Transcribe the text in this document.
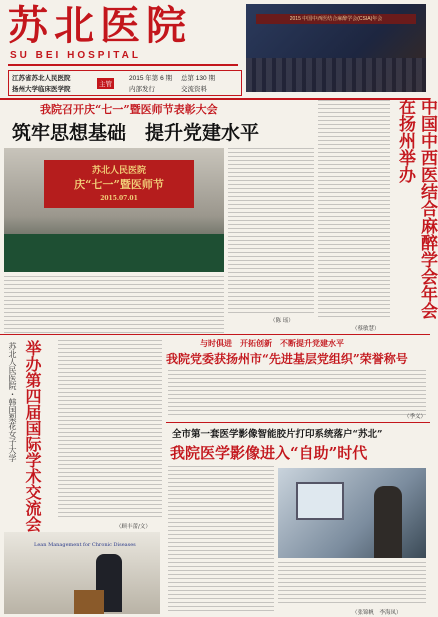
苏北医院
SU BEI HOSPITAL
江苏省苏北人民医院
扬州大学临床医学院
主管
2015 年第 6 期 总第 130 期
内部发行	交流资料
2015 中国中西医结合麻醉学会(CSIA)年会
我院召开庆“七一”暨医师节表彰大会
筑牢思想基础　提升党建水平
苏北人民医院
庆“七一”暨医师节
2015.07.01
（陈 瑶）
中国中西医结合麻醉学会年会在扬州举办
（蔡敏慧）
举办第四届国际学术交流会
苏北人民医院・韩国梨花女子大学
（顾丰蕾/文）
Lean Management for Chronic Diseases
与时俱进　开拓创新　不断提升党建水平
我院党委获扬州市“先进基层党组织”荣誉称号
（季义）
全市第一套医学影像智能胶片打印系统落户“苏北”
我院医学影像进入“自助”时代
（张锦帆　李海凤）
